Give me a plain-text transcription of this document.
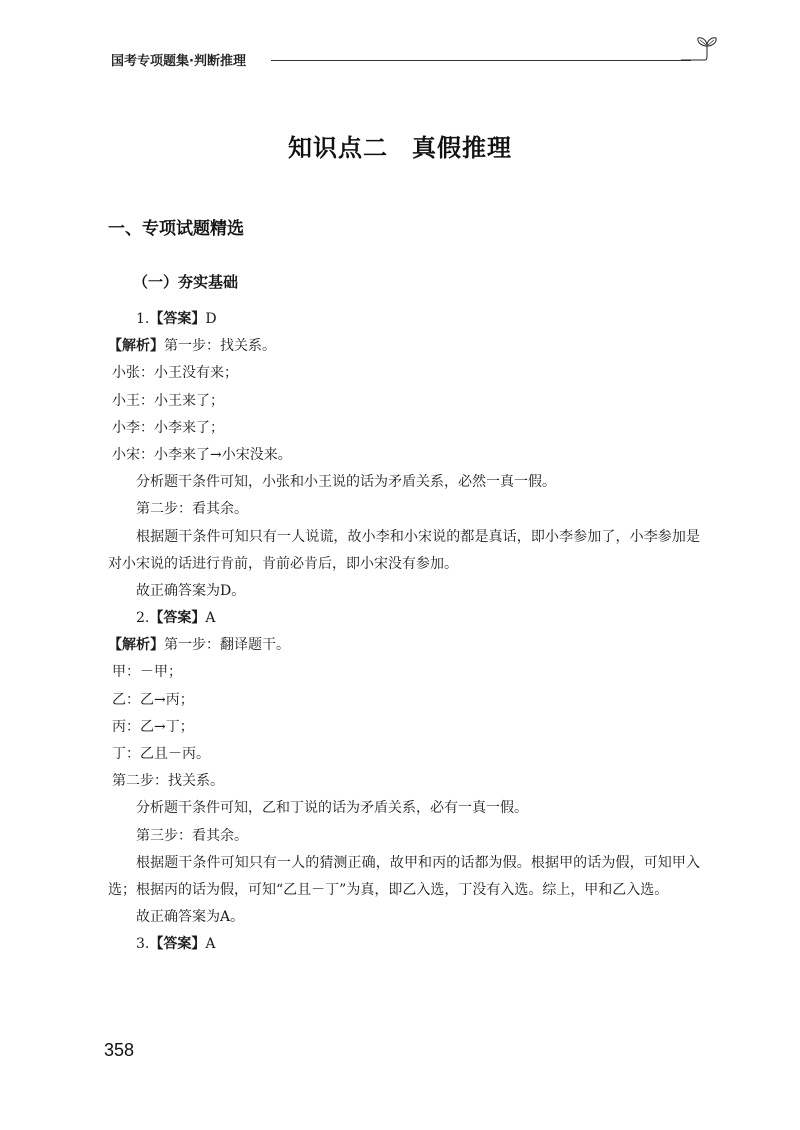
国考专项题集·判断推理
知识点二 真假推理
一、专项试题精选
（一）夯实基础
1.【答案】D
【解析】第一步：找关系。
小张：小王没有来；
小王：小王来了；
小李：小李来了；
小宋：小李来了→小宋没来。
分析题干条件可知，小张和小王说的话为矛盾关系，必然一真一假。
第二步：看其余。
根据题干条件可知只有一人说谎，故小李和小宋说的都是真话，即小李参加了，小李参加是对小宋说的话进行肯前，肯前必肯后，即小宋没有参加。
故正确答案为D。
2.【答案】A
【解析】第一步：翻译题干。
甲：－甲；
乙：乙→丙；
丙：乙→丁；
丁：乙且－丙。
第二步：找关系。
分析题干条件可知，乙和丁说的话为矛盾关系，必有一真一假。
第三步：看其余。
根据题干条件可知只有一人的猜测正确，故甲和丙的话都为假。根据甲的话为假，可知甲入选；根据丙的话为假，可知“乙且－丁”为真，即乙入选，丁没有入选。综上，甲和乙入选。
故正确答案为A。
3.【答案】A
358
